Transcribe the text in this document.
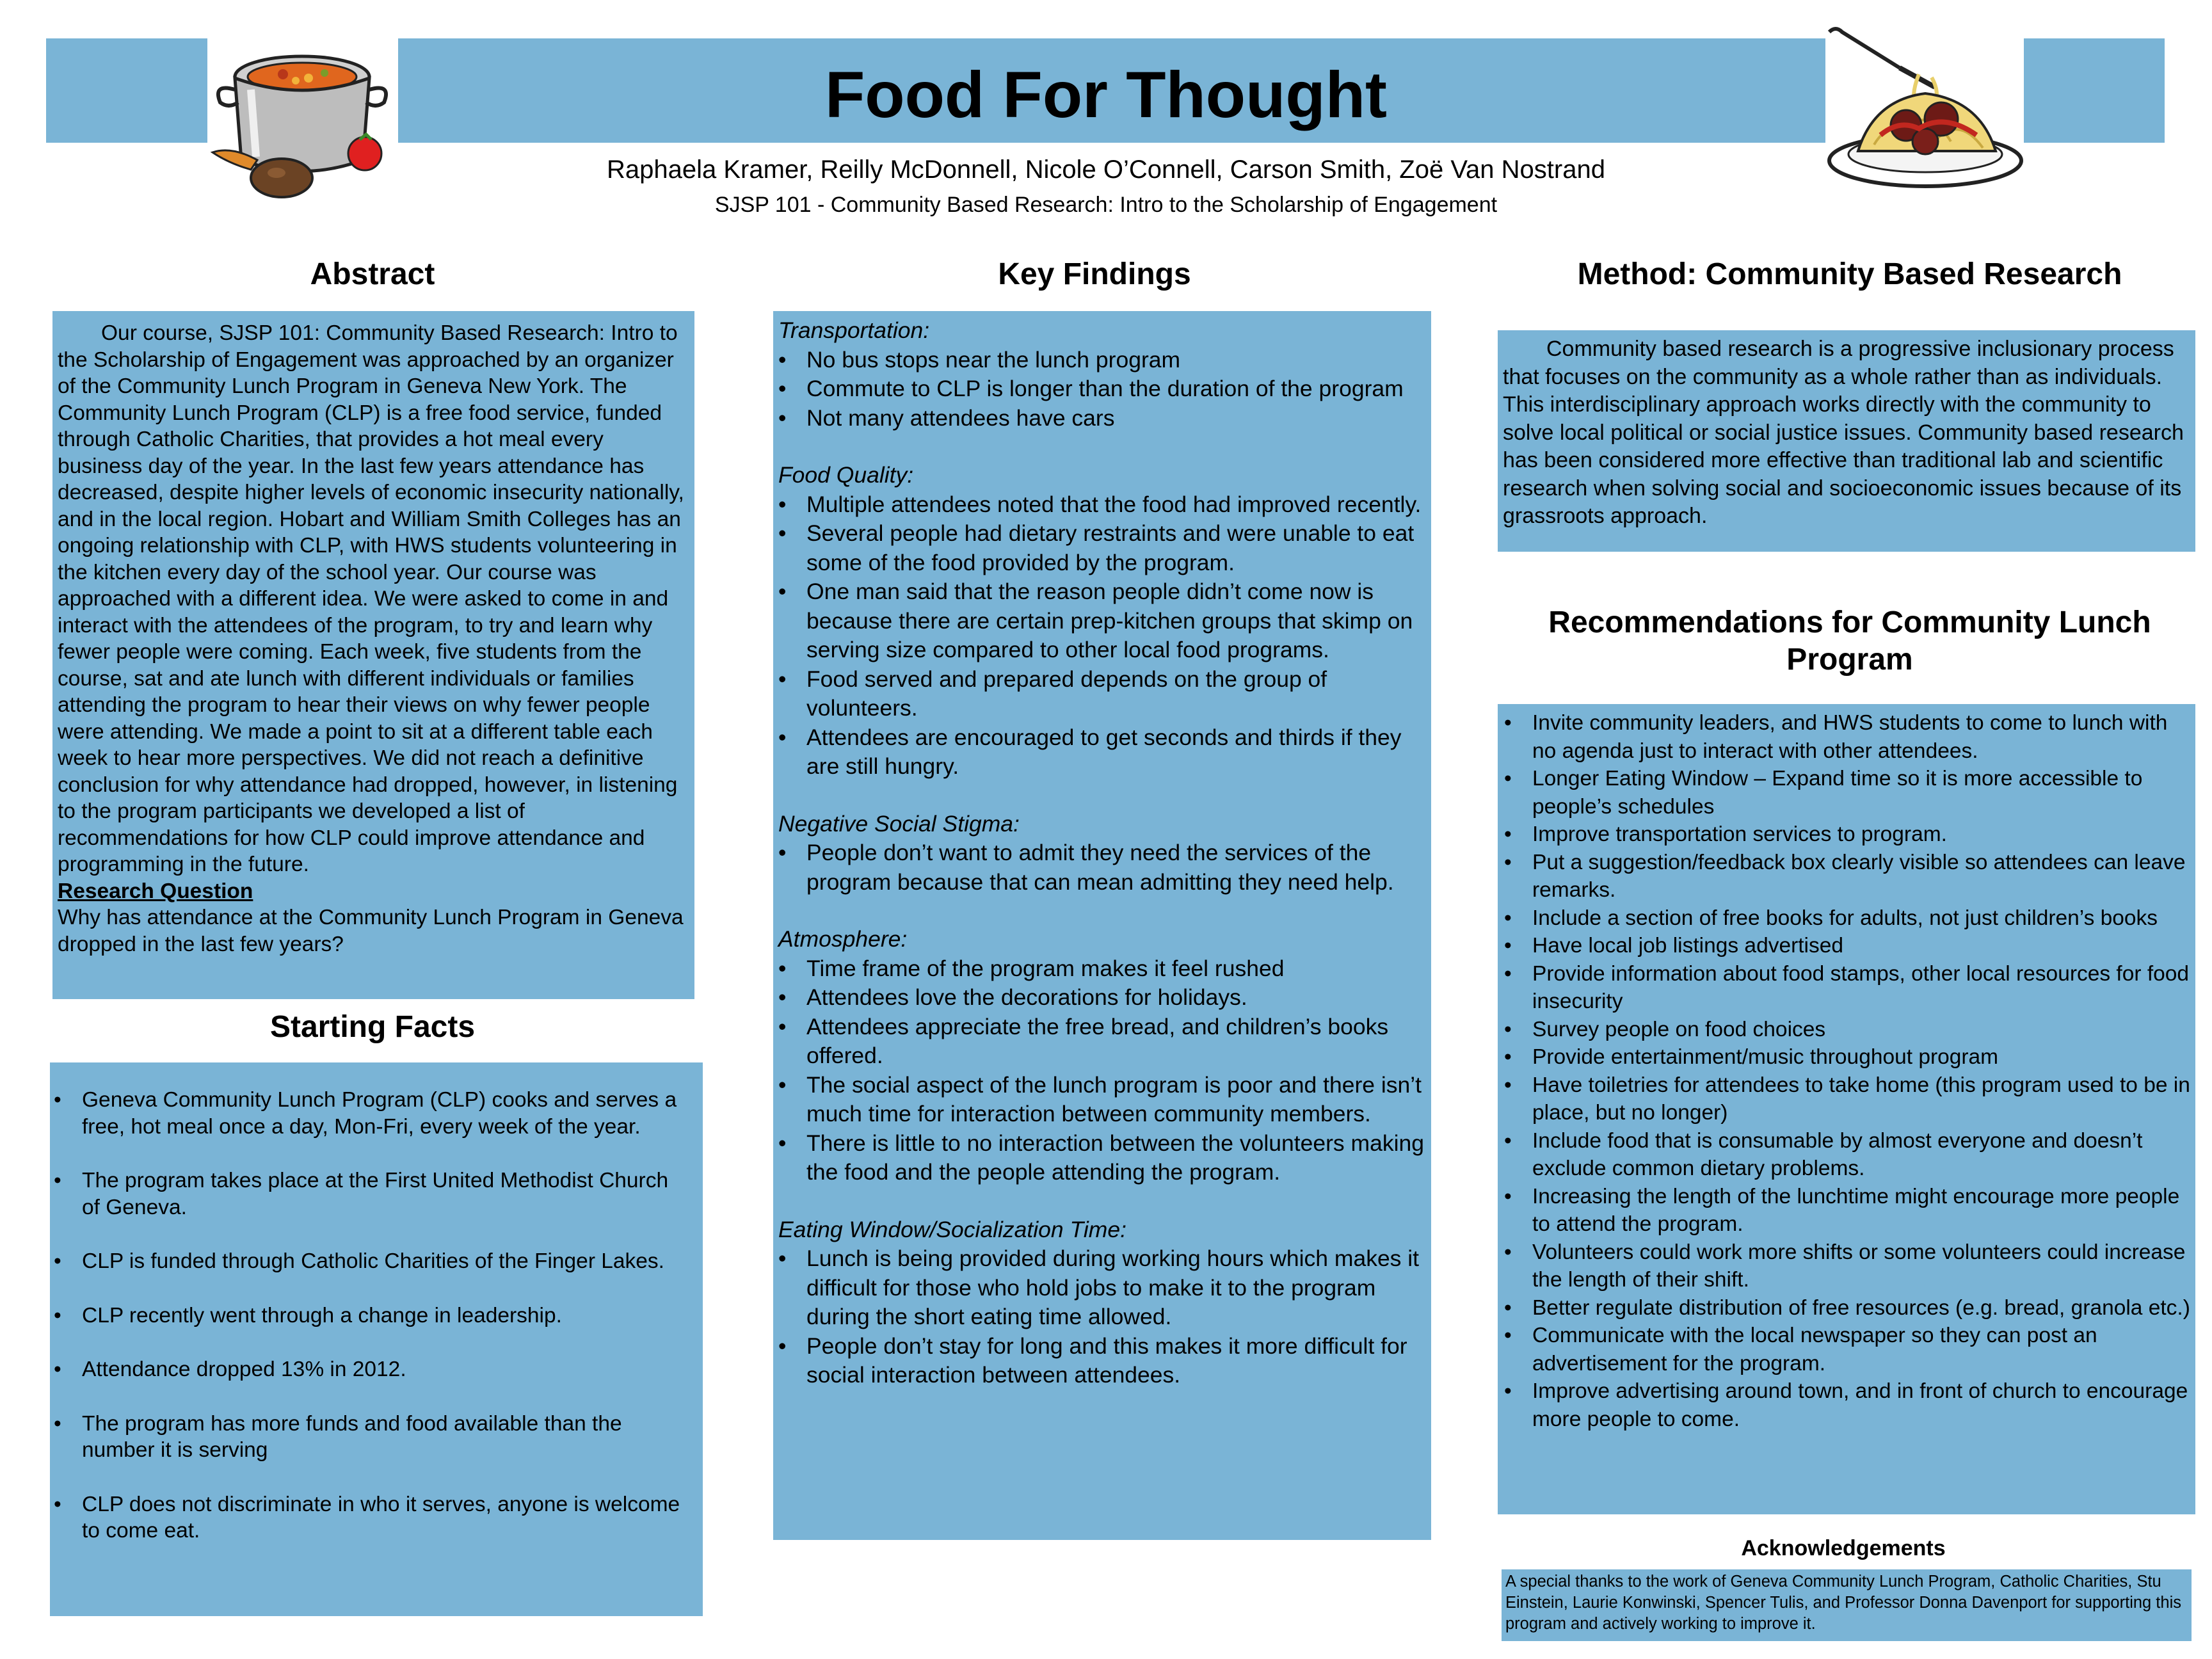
Food For Thought
Raphaela Kramer, Reilly McDonnell, Nicole O’Connell, Carson Smith, Zoë Van Nostrand
SJSP 101 - Community Based Research: Intro to the Scholarship of Engagement
Abstract

Our course, SJSP 101: Community Based Research: Intro to the Scholarship of Engagement was approached by an organizer of the Community Lunch Program in Geneva New York. The Community Lunch Program (CLP) is a free food service, funded through Catholic Charities, that provides a hot meal every business day of the year. In the last few years attendance has decreased, despite higher levels of economic insecurity nationally, and in the local region. Hobart and William Smith Colleges has an ongoing relationship with CLP, with HWS students volunteering in the kitchen every day of the school year. Our course was approached with a different idea. We were asked to come in and interact with the attendees of the program, to try and learn why fewer people were coming. Each week, five students from the course, sat and ate lunch with different individuals or families attending the program to hear their views on why fewer people were attending. We made a point to sit at a different table each week to hear more perspectives. We did not reach a definitive conclusion for why attendance had dropped, however, in listening to the program participants we developed a list of recommendations for how CLP could improve attendance and programming in the future.

Research Question

Why has attendance at the Community Lunch Program in Geneva dropped in the last few years?

Starting Facts

• Geneva Community Lunch Program (CLP) cooks and serves a free, hot meal once a day, Mon-Fri, every week of the year.

• The program takes place at the First United Methodist Church of Geneva.

• CLP is funded through Catholic Charities of the Finger Lakes.

• CLP recently went through a change in leadership.

• Attendance dropped 13% in 2012.

• The program has more funds and food available than the number it is serving

• CLP does not discriminate in who it serves, anyone is welcome to come eat.

Key Findings

Transportation:

• No bus stops near the lunch program

• Commute to CLP is longer than the duration of the program

• Not many attendees have cars

Food Quality:

• Multiple attendees noted that the food had improved recently.

• Several people had dietary restraints and were unable to eat some of the food provided by the program.

• One man said that the reason people didn’t come now is because there are certain prep-kitchen groups that skimp on serving size compared to other local food programs.

• Food served and prepared depends on the group of volunteers.

• Attendees are encouraged to get seconds and thirds if they are still hungry.

Negative Social Stigma:

• People don’t want to admit they need the services of the program because that can mean admitting they need help.

Atmosphere:

• Time frame of the program makes it feel rushed

• Attendees love the decorations for holidays.

• Attendees appreciate the free bread, and children’s books offered.

• The social aspect of the lunch program is poor and there isn’t much time for interaction between community members.

• There is little to no interaction between the volunteers making the food and the people attending the program.

Eating Window/Socialization Time:

• Lunch is being provided during working hours which makes it difficult for those who hold jobs to make it to the program during the short eating time allowed.

• People don’t stay for long and this makes it more difficult for social interaction between attendees.

Method: Community Based Research

Community based research is a progressive inclusionary process that focuses on the community as a whole rather than as individuals. This interdisciplinary approach works directly with the community to solve local political or social justice issues. Community based research has been considered more effective than traditional lab and scientific research when solving social and socioeconomic issues because of its grassroots approach.

Recommendations for Community Lunch Program

• Invite community leaders, and HWS students to come to lunch with no agenda just to interact with other attendees.

• Longer Eating Window – Expand time so it is more accessible to people’s schedules

• Improve transportation services to program.

• Put a suggestion/feedback box clearly visible so attendees can leave remarks.

• Include a section of free books for adults, not just children’s books

• Have local job listings advertised

• Provide information about food stamps, other local resources for food insecurity

• Survey people on food choices

• Provide entertainment/music throughout program

• Have toiletries for attendees to take home (this program used to be in place, but no longer)

• Include food that is consumable by almost everyone and doesn’t exclude common dietary problems.

• Increasing the length of the lunchtime might encourage more people to attend the program.

• Volunteers could work more shifts or some volunteers could increase the length of their shift.

• Better regulate distribution of free resources (e.g. bread, granola etc.)

• Communicate with the local newspaper so they can post an advertisement for the program.

• Improve advertising around town, and in front of church to encourage more people to come.

Acknowledgements

A special thanks to the work of Geneva Community Lunch Program, Catholic Charities, Stu Einstein, Laurie Konwinski, Spencer Tulis, and Professor Donna Davenport for supporting this program and actively working to improve it.
